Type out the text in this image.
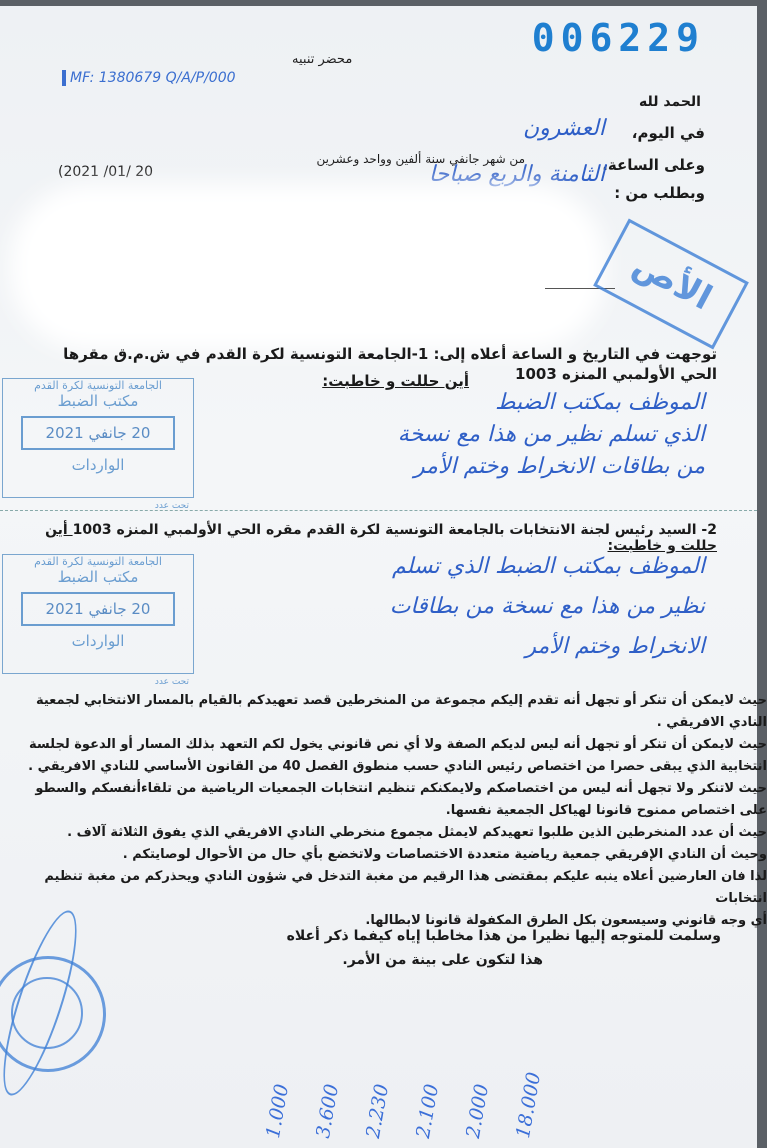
006229
MF: 1380679 Q/A/P/000
محضر تنبيه
الحمد لله
في اليوم،
العشرون
من شهر جانفي سنة ألفين وواحد وعشرين
(2021 /01/ 20	وعلى الساعة،
الثامنة والربع صباحا
وبطلب من :
الأص
توجهت في التاريخ و الساعة أعلاه إلى: 1-الجامعة التونسية لكرة القدم في ش.م.ق مقرها الحي الأولمبي المنزه 1003
أين حللت و خاطبت:
الموظف بمكتب الضبط
الذي تسلم نظير من هذا مع نسخة
من بطاقات الانخراط وختم الأمر
الجامعة التونسية لكرة القدم
مكتب الضبط
20 جانفي 2021
الواردات
تحت عدد
2- السيد رئيس لجنة الانتخابات بالجامعة التونسية لكرة القدم مقره الحي الأولمبي المنزه 1003 أين حللت و خاطبت:
الموظف بمكتب الضبط الذي تسلم
نظير من هذا مع نسخة من بطاقات
الانخراط وختم الأمر
الجامعة التونسية لكرة القدم
مكتب الضبط
20 جانفي 2021
الواردات
تحت عدد
حيث لايمكن أن تنكر أو تجهل أنه تقدم إليكم مجموعة من المنخرطين قصد تعهيدكم بالقيام بالمسار الانتخابي لجمعية النادي الافريقي .
حيث لايمكن أن تنكر أو تجهل أنه ليس لديكم الصفة ولا أي نص قانوني يخول لكم التعهد بذلك المسار أو الدعوة لجلسة انتخابية الذي يبقى حصرا من اختصاص رئيس النادي حسب منطوق الفصل 40 من القانون الأساسي للنادي الافريقي .
حيث لاتنكر ولا تجهل أنه ليس من اختصاصكم ولايمكنكم تنظيم انتخابات الجمعيات الرياضية من تلقاءأنفسكم والسطو على اختصاص ممنوح قانونا لهياكل الجمعية نفسها.
حيث أن عدد المنخرطين الذين طلبوا تعهيدكم لايمثل مجموع منخرطي النادي الافريقي الذي يفوق الثلاثة آلاف .
وحيث أن النادي الإفريقي جمعية رياضية متعددة الاختصاصات ولاتخضع بأي حال من الأحوال لوصايتكم .
لذا فان العارضين أعلاه ينبه عليكم بمقتضى هذا الرقيم من مغبة التدخل في شؤون النادي ويحذركم من مغبة تنظيم انتخابات
أي وجه قانوني وسيسعون بكل الطرق المكفولة قانونا لابطالها.
وسلمت للمتوجه إليها نظيرا من هذا مخاطبا إياه كيفما ذكر أعلاه
هذا لتكون على بينة من الأمر.
18.000
2.000
2.100
2.230
3.600
1.000
